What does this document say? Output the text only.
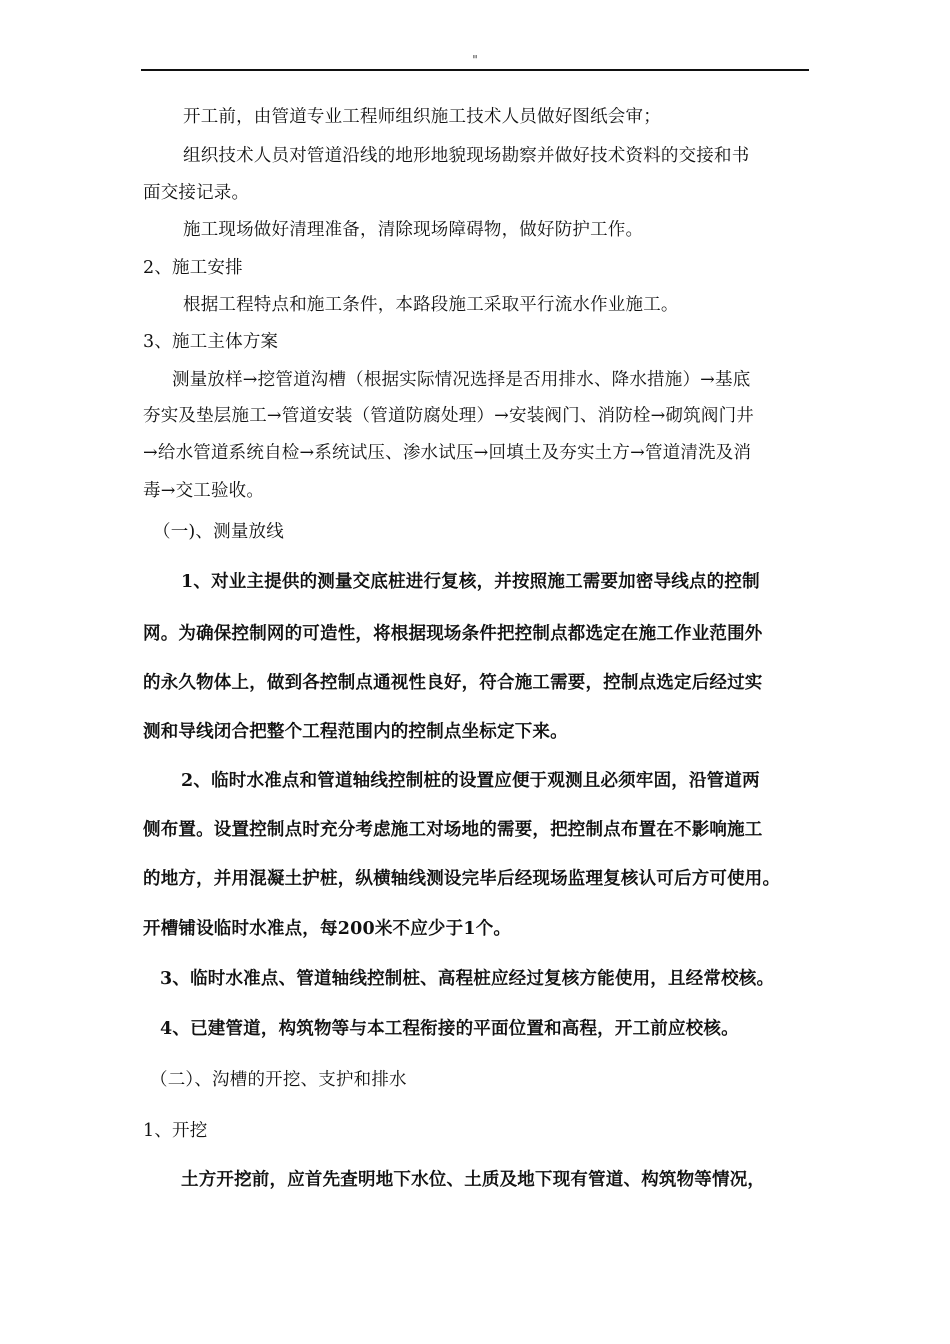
"
开工前，由管道专业工程师组织施工技术人员做好图纸会审；
组织技术人员对管道沿线的地形地貌现场勘察并做好技术资料的交接和书
面交接记录。
施工现场做好清理准备，清除现场障碍物，做好防护工作。
2、施工安排
根据工程特点和施工条件，本路段施工采取平行流水作业施工。
3、施工主体方案
测量放样→挖管道沟槽（根据实际情况选择是否用排水、降水措施）→基底
夯实及垫层施工→管道安装（管道防腐处理）→安装阀门、消防栓→砌筑阀门井
→给水管道系统自检→系统试压、渗水试压→回填土及夯实土方→管道清洗及消
毒→交工验收。
（一)、测量放线
1、对业主提供的测量交底桩进行复核，并按照施工需要加密导线点的控制
网。为确保控制网的可造性，将根据现场条件把控制点都选定在施工作业范围外
的永久物体上，做到各控制点通视性良好，符合施工需要，控制点选定后经过实
测和导线闭合把整个工程范围内的控制点坐标定下来。
2、临时水准点和管道轴线控制桩的设置应便于观测且必须牢固，沿管道两
侧布置。设置控制点时充分考虑施工对场地的需要，把控制点布置在不影响施工
的地方，并用混凝土护桩，纵横轴线测设完毕后经现场监理复核认可后方可使用。
开槽铺设临时水准点，每200米不应少于1个。
3、临时水准点、管道轴线控制桩、高程桩应经过复核方能使用，且经常校核。
4、已建管道，构筑物等与本工程衔接的平面位置和高程，开工前应校核。
（二）、沟槽的开挖、支护和排水
1、开挖
土方开挖前，应首先查明地下水位、土质及地下现有管道、构筑物等情况，
